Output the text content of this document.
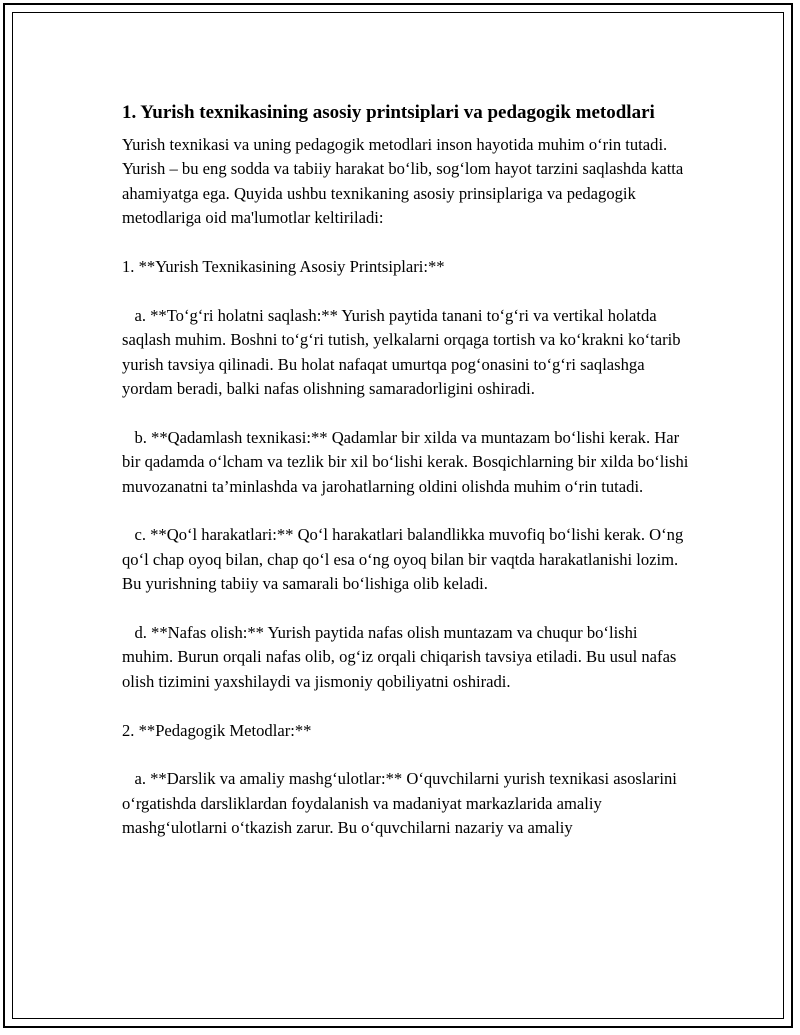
1. Yurish texnikasining asosiy printsiplari va pedagogik metodlari

Yurish texnikasi va uning pedagogik metodlari inson hayotida muhim o‘rin tutadi. Yurish – bu eng sodda va tabiiy harakat bo‘lib, sog‘lom hayot tarzini saqlashda katta ahamiyatga ega. Quyida ushbu texnikaning asosiy prinsiplariga va pedagogik metodlariga oid ma'lumotlar keltiriladi:

1. **Yurish Texnikasining Asosiy Printsiplari:**

a. **To‘g‘ri holatni saqlash:** Yurish paytida tanani to‘g‘ri va vertikal holatda saqlash muhim. Boshni to‘g‘ri tutish, yelkalarni orqaga tortish va ko‘krakni ko‘tarib yurish tavsiya qilinadi. Bu holat nafaqat umurtqa pog‘onasini to‘g‘ri saqlashga yordam beradi, balki nafas olishning samaradorligini oshiradi.

b. **Qadamlash texnikasi:** Qadamlar bir xilda va muntazam bo‘lishi kerak. Har bir qadamda o‘lcham va tezlik bir xil bo‘lishi kerak. Bosqichlarning bir xilda bo‘lishi muvozanatni ta’minlashda va jarohatlarning oldini olishda muhim o‘rin tutadi.

c. **Qo‘l harakatlari:** Qo‘l harakatlari balandlikka muvofiq bo‘lishi kerak. O‘ng qo‘l chap oyoq bilan, chap qo‘l esa o‘ng oyoq bilan bir vaqtda harakatlanishi lozim. Bu yurishning tabiiy va samarali bo‘lishiga olib keladi.

d. **Nafas olish:** Yurish paytida nafas olish muntazam va chuqur bo‘lishi muhim. Burun orqali nafas olib, og‘iz orqali chiqarish tavsiya etiladi. Bu usul nafas olish tizimini yaxshilaydi va jismoniy qobiliyatni oshiradi.

2. **Pedagogik Metodlar:**

a. **Darslik va amaliy mashg‘ulotlar:** O‘quvchilarni yurish texnikasi asoslarini o‘rgatishda darsliklardan foydalanish va madaniyat markazlarida amaliy mashg‘ulotlarni o‘tkazish zarur. Bu o‘quvchilarni nazariy va amaliy
